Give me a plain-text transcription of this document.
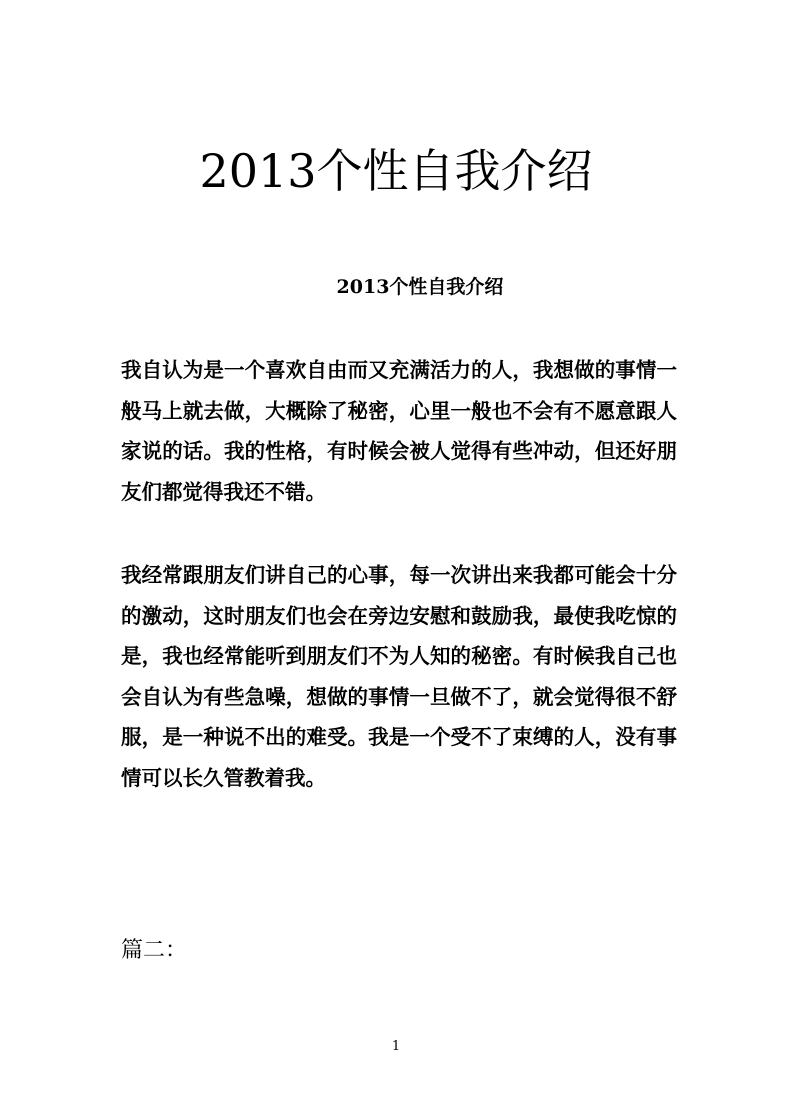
2013个性自我介绍
2013个性自我介绍

我自认为是一个喜欢自由而又充满活力的人，我想做的事情一般马上就去做，大概除了秘密，心里一般也不会有不愿意跟人家说的话。我的性格，有时候会被人觉得有些冲动，但还好朋友们都觉得我还不错。

我经常跟朋友们讲自己的心事，每一次讲出来我都可能会十分的激动，这时朋友们也会在旁边安慰和鼓励我，最使我吃惊的是，我也经常能听到朋友们不为人知的秘密。有时候我自己也会自认为有些急噪，想做的事情一旦做不了，就会觉得很不舒服，是一种说不出的难受。我是一个受不了束缚的人，没有事情可以长久管教着我。

篇二：
1
